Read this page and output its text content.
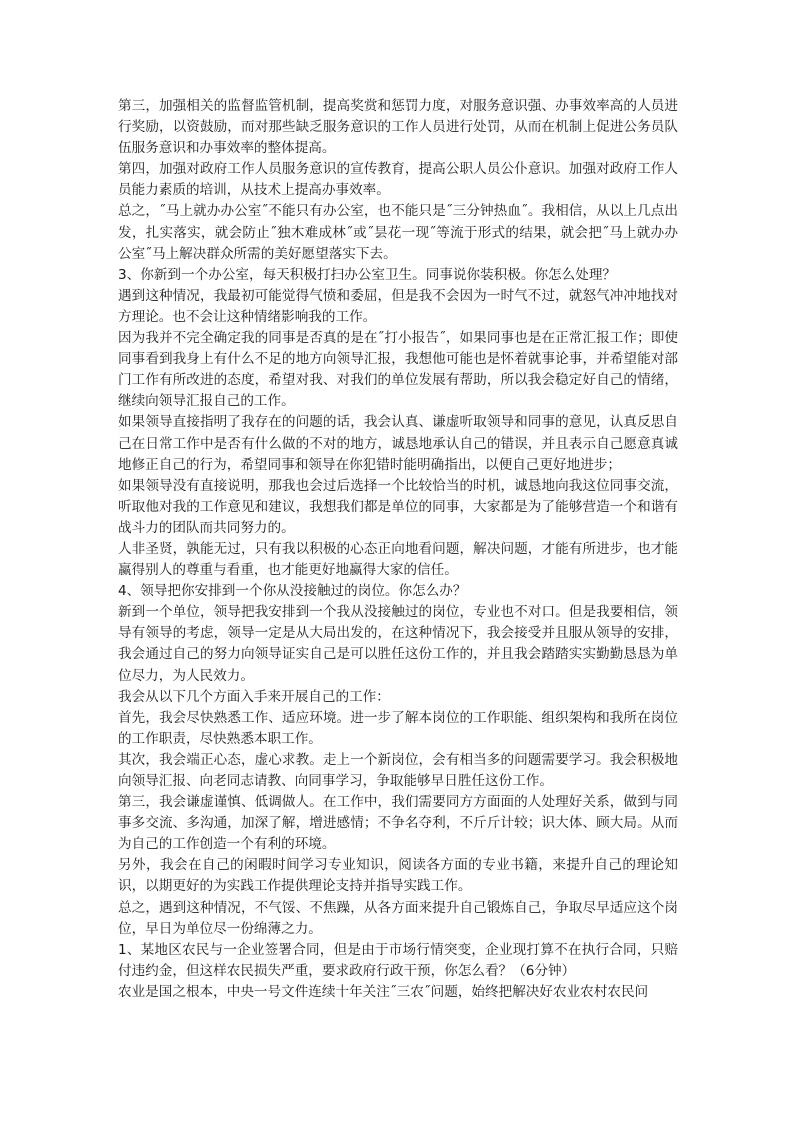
第三，加强相关的监督监管机制，提高奖赏和惩罚力度，对服务意识强、办事效率高的人员进行奖励，以资鼓励，而对那些缺乏服务意识的工作人员进行处罚，从而在机制上促进公务员队伍服务意识和办事效率的整体提高。

第四，加强对政府工作人员服务意识的宣传教育，提高公职人员公仆意识。加强对政府工作人员能力素质的培训，从技术上提高办事效率。

总之，˝马上就办办公室˝不能只有办公室，也不能只是˝三分钟热血˝。我相信，从以上几点出发，扎实落实，就会防止˝独木难成林˝或˝昙花一现˝等流于形式的结果，就会把˝马上就办办公室˝马上解决群众所需的美好愿望落实下去。

3、你新到一个办公室，每天积极打扫办公室卫生。同事说你装积极。你怎么处理？

遇到这种情况，我最初可能觉得气愤和委屈，但是我不会因为一时气不过，就怒气冲冲地找对方理论。也不会让这种情绪影响我的工作。

因为我并不完全确定我的同事是否真的是在˝打小报告˝，如果同事也是在正常汇报工作；即使同事看到我身上有什么不足的地方向领导汇报，我想他可能也是怀着就事论事，并希望能对部门工作有所改进的态度，希望对我、对我们的单位发展有帮助，所以我会稳定好自己的情绪，继续向领导汇报自己的工作。

如果领导直接指明了我存在的问题的话，我会认真、谦虚听取领导和同事的意见，认真反思自己在日常工作中是否有什么做的不对的地方，诚恳地承认自己的错误，并且表示自己愿意真诚地修正自己的行为，希望同事和领导在你犯错时能明确指出，以便自己更好地进步；

如果领导没有直接说明，那我也会过后选择一个比较恰当的时机，诚恳地向我这位同事交流，听取他对我的工作意见和建议，我想我们都是单位的同事，大家都是为了能够营造一个和谐有战斗力的团队而共同努力的。

人非圣贤，孰能无过，只有我以积极的心态正向地看问题，解决问题，才能有所进步，也才能赢得别人的尊重与看重，也才能更好地赢得大家的信任。

4、领导把你安排到一个你从没接触过的岗位。你怎么办？

新到一个单位，领导把我安排到一个我从没接触过的岗位，专业也不对口。但是我要相信，领导有领导的考虑，领导一定是从大局出发的，在这种情况下，我会接受并且服从领导的安排，我会通过自己的努力向领导证实自己是可以胜任这份工作的，并且我会踏踏实实勤勤恳恳为单位尽力，为人民效力。

我会从以下几个方面入手来开展自己的工作：

首先，我会尽快熟悉工作、适应环境。进一步了解本岗位的工作职能、组织架构和我所在岗位的工作职责，尽快熟悉本职工作。

其次，我会端正心态，虚心求教。走上一个新岗位，会有相当多的问题需要学习。我会积极地向领导汇报、向老同志请教、向同事学习，争取能够早日胜任这份工作。

第三，我会谦虚谨慎、低调做人。在工作中，我们需要同方方面面的人处理好关系，做到与同事多交流、多沟通，加深了解，增进感情；不争名夺利，不斤斤计较；识大体、顾大局。从而为自己的工作创造一个有利的环境。

另外，我会在自己的闲暇时间学习专业知识，阅读各方面的专业书籍，来提升自己的理论知识，以期更好的为实践工作提供理论支持并指导实践工作。

总之，遇到这种情况，不气馁、不焦躁，从各方面来提升自己锻炼自己，争取尽早适应这个岗位，早日为单位尽一份绵薄之力。

1、某地区农民与一企业签署合同，但是由于市场行情突变，企业现打算不在执行合同，只赔付违约金，但这样农民损失严重，要求政府行政干预，你怎么看？（6分钟）

农业是国之根本，中央一号文件连续十年关注˝三农˝问题，始终把解决好农业农村农民问
